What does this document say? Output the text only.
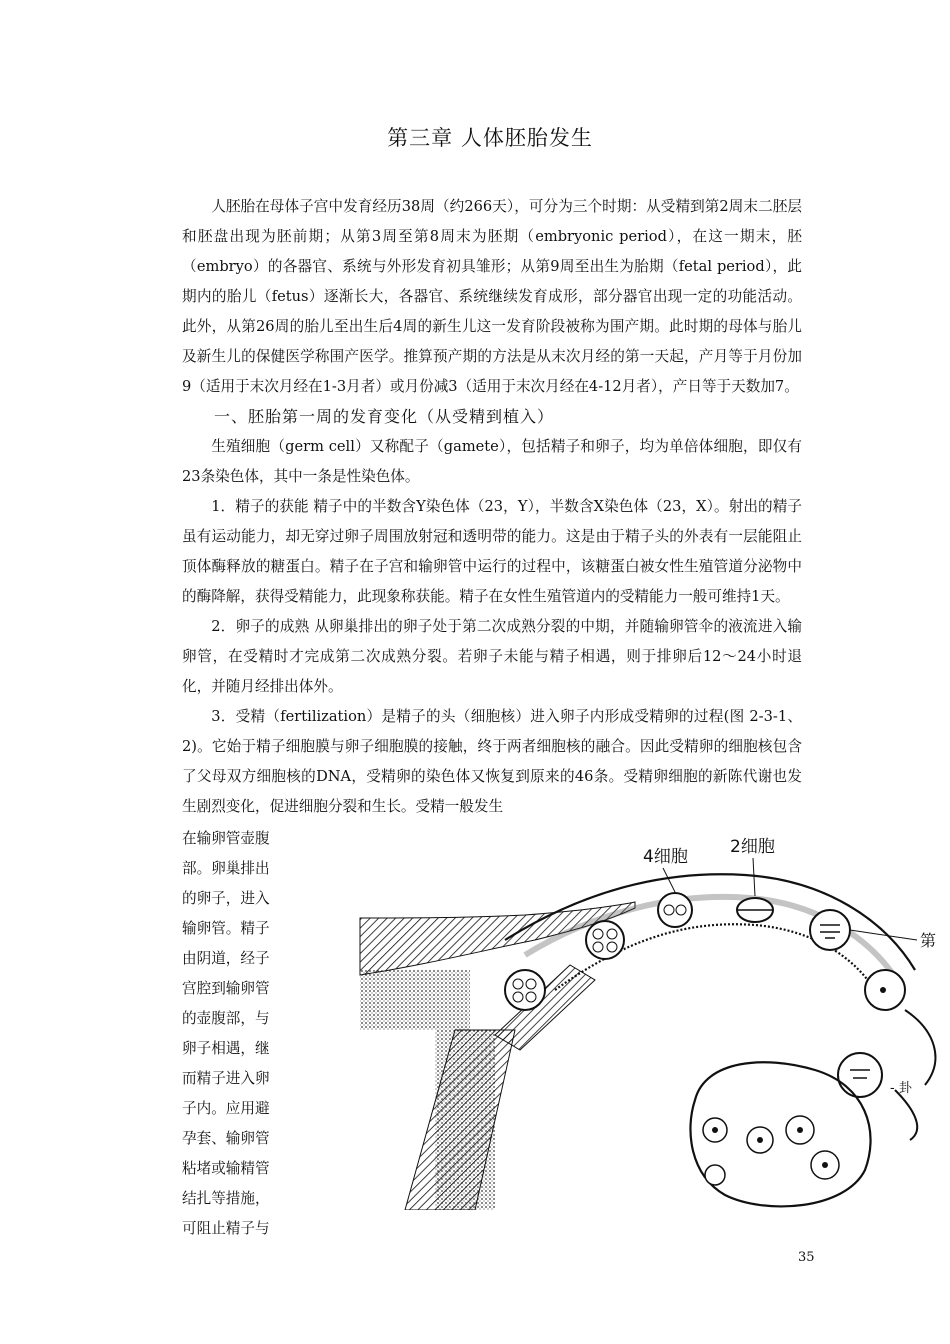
第三章 人体胚胎发生

人胚胎在母体子宫中发育经历38周（约266天），可分为三个时期：从受精到第2周末二胚层和胚盘出现为胚前期；从第3周至第8周末为胚期（embryonic period），在这一期末，胚（embryo）的各器官、系统与外形发育初具雏形；从第9周至出生为胎期（fetal period），此期内的胎儿（fetus）逐渐长大，各器官、系统继续发育成形，部分器官出现一定的功能活动。此外，从第26周的胎儿至出生后4周的新生儿这一发育阶段被称为围产期。此时期的母体与胎儿及新生儿的保健医学称围产医学。推算预产期的方法是从末次月经的第一天起，产月等于月份加9（适用于末次月经在1-3月者）或月份减3（适用于末次月经在4-12月者），产日等于天数加7。

一、胚胎第一周的发育变化（从受精到植入）

生殖细胞（germ cell）又称配子（gamete），包括精子和卵子，均为单倍体细胞，即仅有23条染色体，其中一条是性染色体。

1．精子的获能 精子中的半数含Y染色体（23，Y），半数含X染色体（23，X）。射出的精子虽有运动能力，却无穿过卵子周围放射冠和透明带的能力。这是由于精子头的外表有一层能阻止顶体酶释放的糖蛋白。精子在子宫和输卵管中运行的过程中，该糖蛋白被女性生殖管道分泌物中的酶降解，获得受精能力，此现象称获能。精子在女性生殖管道内的受精能力一般可维持1天。

2．卵子的成熟 从卵巢排出的卵子处于第二次成熟分裂的中期，并随输卵管伞的液流进入输卵管，在受精时才完成第二次成熟分裂。若卵子未能与精子相遇，则于排卵后12～24小时退化，并随月经排出体外。

3．受精（fertilization）是精子的头（细胞核）进入卵子内形成受精卵的过程(图 2-3-1、2)。它始于精子细胞膜与卵子细胞膜的接触，终于两者细胞核的融合。因此受精卵的细胞核包含了父母双方细胞核的DNA，受精卵的染色体又恢复到原来的46条。受精卵细胞的新陈代谢也发生剧烈变化，促进细胞分裂和生长。受精一般发生

在输卵管壶腹

部。卵巢排出

的卵子，进入

输卵管。精子

由阴道，经子

宫腔到输卵管

的壶腹部，与

卵子相遇，继

而精子进入卵

子内。应用避

孕套、输卵管

粘堵或输精管

结扎等措施，

可阻止精子与

4细胞 2细胞
第
- 卦
35
